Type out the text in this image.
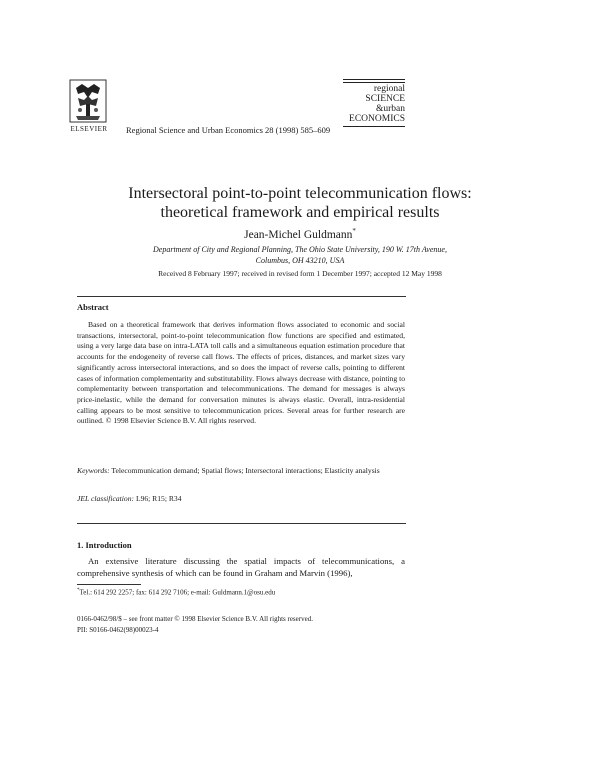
ELSEVIER	Regional Science and Urban Economics 28 (1998) 585–609
regional
SCIENCE
&urban
ECONOMICS
Intersectoral point-to-point telecommunication flows:
theoretical framework and empirical results
Jean-Michel Guldmann*
Department of City and Regional Planning, The Ohio State University, 190 W. 17th Avenue,
Columbus, OH 43210, USA
Received 8 February 1997; received in revised form 1 December 1997; accepted 12 May 1998
Abstract
Based on a theoretical framework that derives information flows associated to economic and social transactions, intersectoral, point-to-point telecommunication flow functions are specified and estimated, using a very large data base on intra-LATA toll calls and a simultaneous equation estimation procedure that accounts for the endogeneity of reverse call flows. The effects of prices, distances, and market sizes vary significantly across intersectoral interactions, and so does the impact of reverse calls, pointing to different cases of information complementarity and substitutability. Flows always decrease with distance, pointing to complementarity between transportation and telecommunications. The demand for messages is always price-inelastic, while the demand for conversation minutes is always elastic. Overall, intra-residential calling appears to be most sensitive to telecommunication prices. Several areas for further research are outlined. © 1998 Elsevier Science B.V. All rights reserved.
Keywords: Telecommunication demand; Spatial flows; Intersectoral interactions; Elasticity analysis
JEL classification: L96; R15; R34
1. Introduction
An extensive literature discussing the spatial impacts of telecommunications, a comprehensive synthesis of which can be found in Graham and Marvin (1996),
*Tel.: 614 292 2257; fax: 614 292 7106; e-mail: Guldmann.1@osu.edu
0166-0462/98/$ – see front matter © 1998 Elsevier Science B.V. All rights reserved.
PII: S0166-0462(98)00023-4
